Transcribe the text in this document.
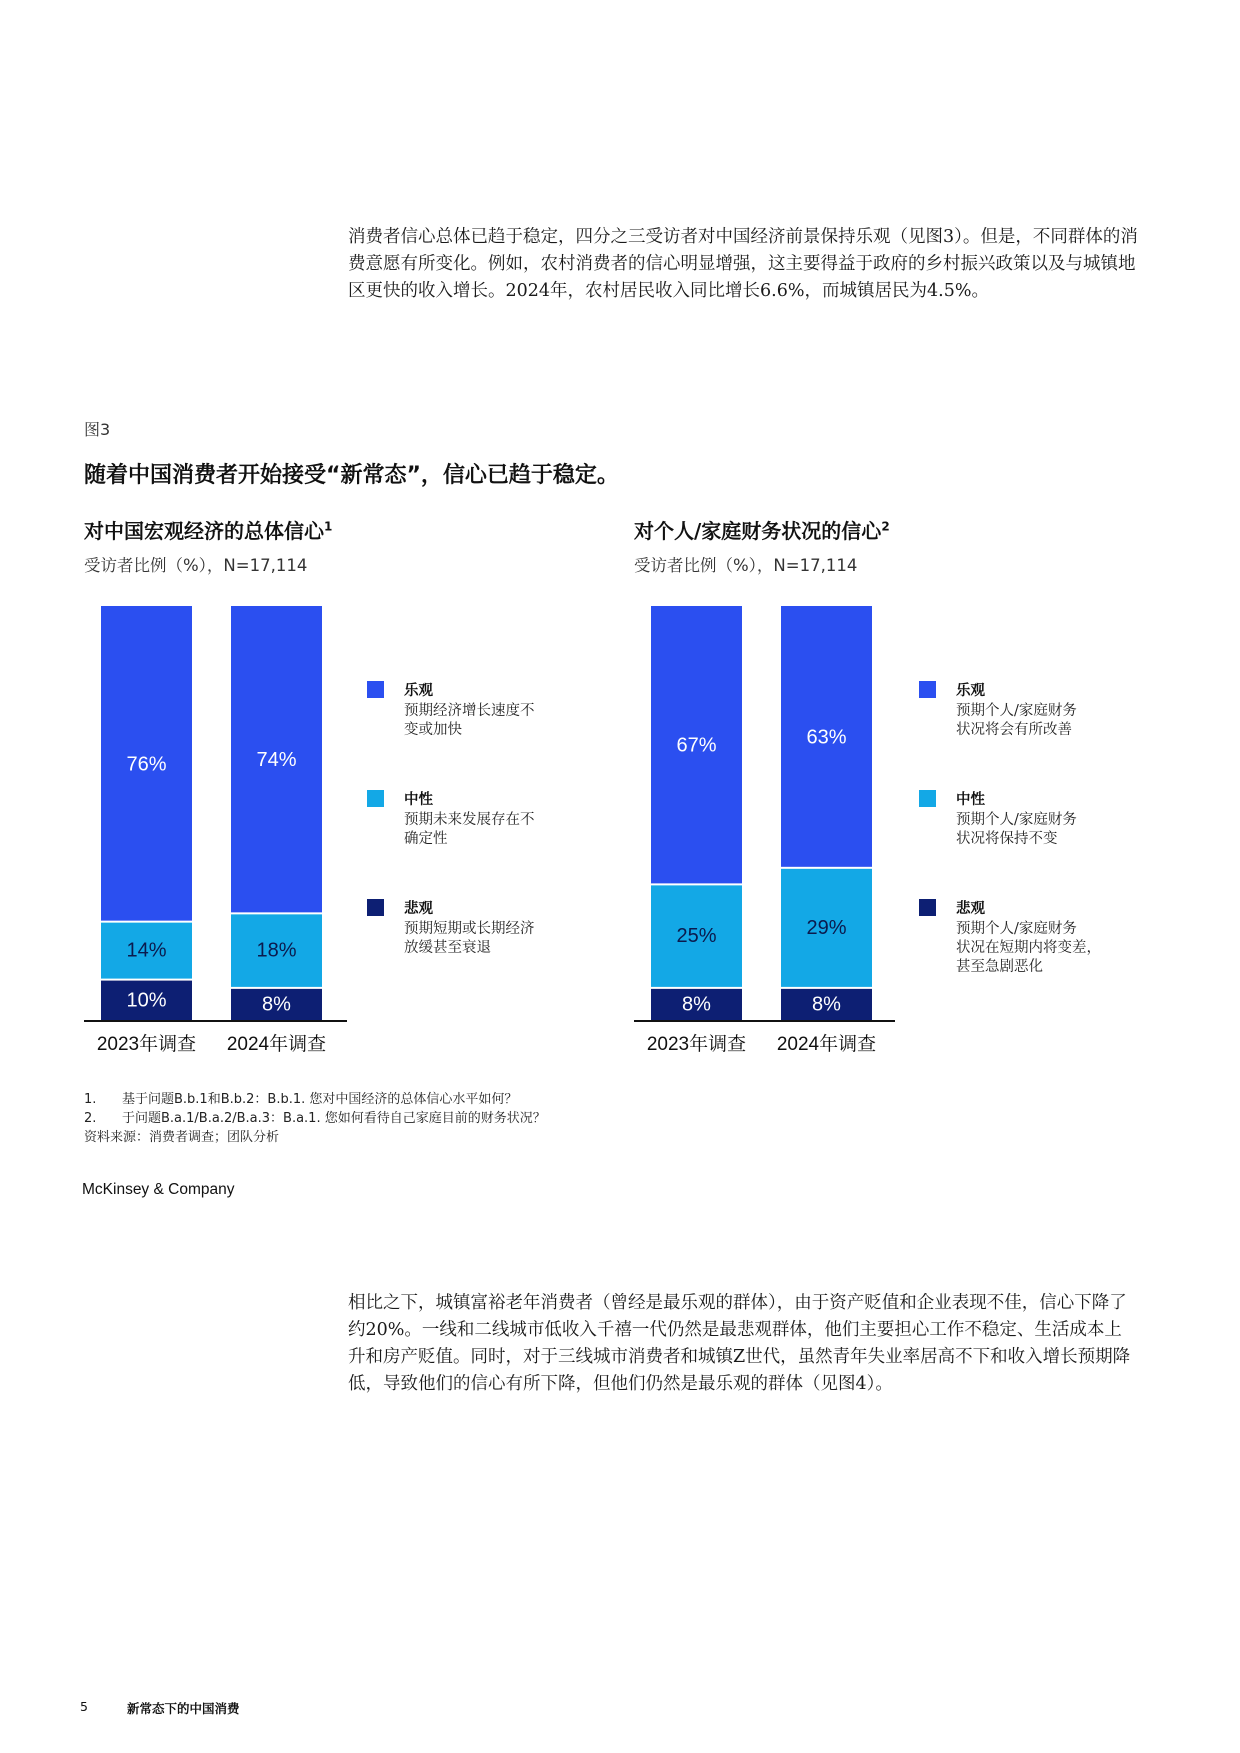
消费者信心总体已趋于稳定，四分之三受访者对中国经济前景保持乐观（见图3）。但是，不同群体的消费意愿有所变化。例如，农村消费者的信心明显增强，这主要得益于政府的乡村振兴政策以及与城镇地区更快的收入增长。2024年，农村居民收入同比增长6.6%，而城镇居民为4.5%。

图3
随着中国消费者开始接受“新常态”，信心已趋于稳定。
对中国宏观经济的总体信心$^1$
受访者比例（%），N=17,114
对个人/家庭财务状况的信心$^2$
受访者比例（%），N=17,114
10%
14%
76%
2023年调查
8%
18%
74%
2024年调查
乐观
预期经济增长速度不
变或加快
中性
预期未来发展存在不
确定性
悲观
预期短期或长期经济
放缓甚至衰退
8%
25%
67%
2023年调查
8%
29%
63%
2024年调查
乐观
预期个人/家庭财务
状况将会有所改善
中性
预期个人/家庭财务
状况将保持不变
悲观
预期个人/家庭财务
状况在短期内将变差，
甚至急剧恶化
1. 基于问题B.b.1和B.b.2：B.b.1. 您对中国经济的总体信心水平如何？
2. 于问题B.a.1/B.a.2/B.a.3：B.a.1. 您如何看待自己家庭目前的财务状况？
资料来源：消费者调查；团队分析
McKinsey & Company

相比之下，城镇富裕老年消费者（曾经是最乐观的群体），由于资产贬值和企业表现不佳，信心下降了约20%。一线和二线城市低收入千禧一代仍然是最悲观群体，他们主要担心工作不稳定、生活成本上升和房产贬值。同时，对于三线城市消费者和城镇Z世代，虽然青年失业率居高不下和收入增长预期降低，导致他们的信心有所下降，但他们仍然是最乐观的群体（见图4）。

5	新常态下的中国消费
